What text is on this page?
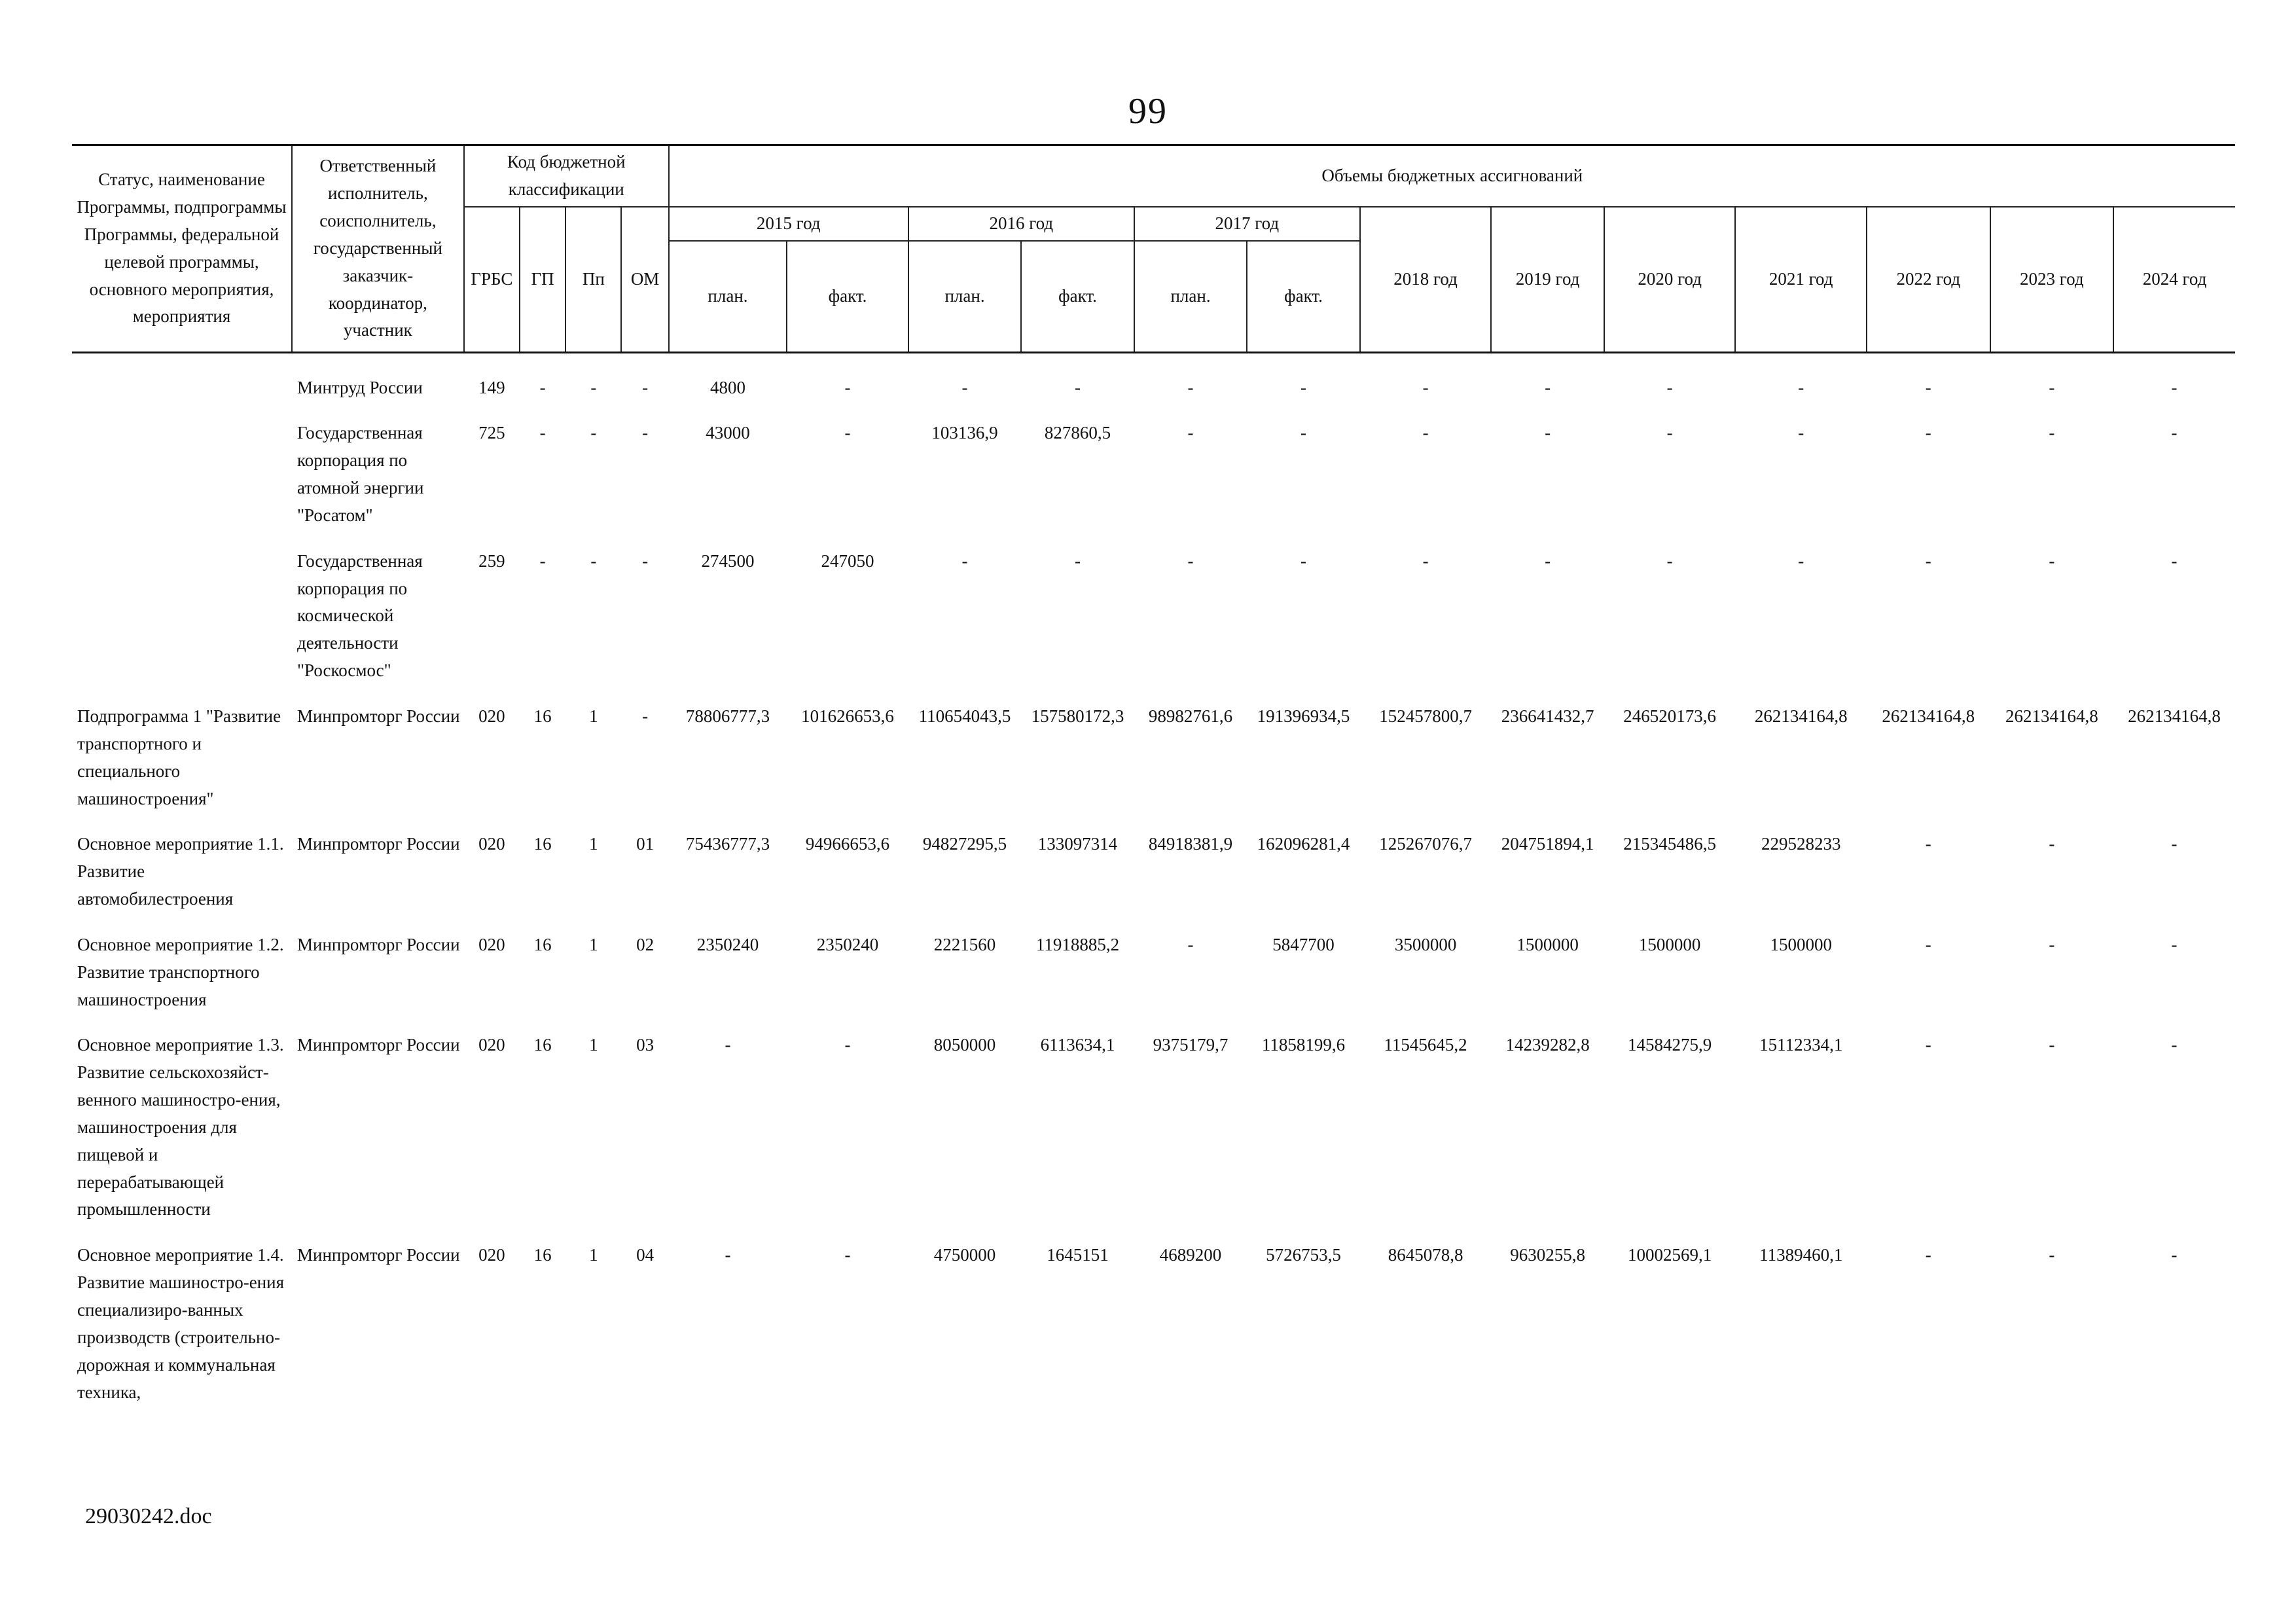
99
Статус, наименование Программы, подпрограммы Программы, федеральной целевой программы, основного мероприятия, мероприятия	Ответственный исполнитель, соисполнитель, государственный заказчик-координатор, участник	Код бюджетной классификации				Объемы бюджетных ассигнований												
		ГРБС	ГП	Пп	ОМ	2015 год		2016 год		2017 год		2018 год	2019 год	2020 год	2021 год	2022 год	2023 год	2024 год
						план.	факт.	план.	факт.	план.	факт.							

	Минтруд России	149	-	-	-	4800	-	-	-	-	-	-	-	-	-	-	-	-
	Государственная корпорация по атомной энергии "Росатом"	725	-	-	-	43000	-	103136,9	827860,5	-	-	-	-	-	-	-	-	-
	Государственная корпорация по космической деятельности "Роскосмос"	259	-	-	-	274500	247050	-	-	-	-	-	-	-	-	-	-	-
Подпрограмма 1 "Развитие транспортного и специального машиностроения"	Минпромторг России	020	16	1	-	78806777,3	101626653,6	110654043,5	157580172,3	98982761,6	191396934,5	152457800,7	236641432,7	246520173,6	262134164,8	262134164,8	262134164,8	262134164,8
Основное мероприятие 1.1. Развитие автомобилестроения	Минпромторг России	020	16	1	01	75436777,3	94966653,6	94827295,5	133097314	84918381,9	162096281,4	125267076,7	204751894,1	215345486,5	229528233	-	-	-
Основное мероприятие 1.2. Развитие транспортного машиностроения	Минпромторг России	020	16	1	02	2350240	2350240	2221560	11918885,2	-	5847700	3500000	1500000	1500000	1500000	-	-	-
Основное мероприятие 1.3. Развитие сельскохозяйст-венного машиностро-ения, машиностроения для пищевой и перерабатывающей промышленности	Минпромторг России	020	16	1	03	-	-	8050000	6113634,1	9375179,7	11858199,6	11545645,2	14239282,8	14584275,9	15112334,1	-	-	-
Основное мероприятие 1.4. Развитие машиностро-ения специализиро-ванных производств (строительно-дорожная и коммунальная техника,	Минпромторг России	020	16	1	04	-	-	4750000	1645151	4689200	5726753,5	8645078,8	9630255,8	10002569,1	11389460,1	-	-	-
29030242.doc
